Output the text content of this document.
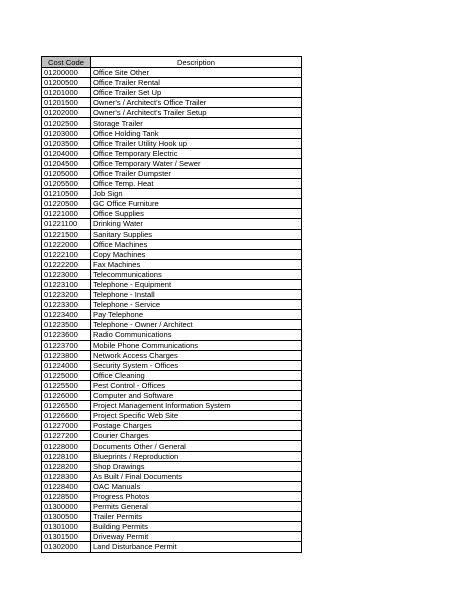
Cost Code	Description
01200000	Office Site Other
01200500	Office Trailer Rental
01201000	Office Trailer Set Up
01201500	Owner's / Architect's Office Trailer
01202000	Owner's / Architect's Trailer Setup
01202500	Storage Trailer
01203000	Office Holding Tank
01203500	Office Trailer Utility Hook up
01204000	Office Temporary Electric
01204500	Office Temporary Water / Sewer
01205000	Office Trailer Dumpster
01205500	Office Temp. Heat
01210500	Job Sign
01220500	GC Office Furniture
01221000	Office Supplies
01221100	Drinking Water
01221500	Sanitary Supplies
01222000	Office Machines
01222100	Copy Machines
01222200	Fax Machines
01223000	Telecommunications
01223100	Telephone - Equipment
01223200	Telephone - Install
01223300	Telephone - Service
01223400	Pay Telephone
01223500	Telephone - Owner / Architect
01223600	Radio Communications
01223700	Mobile Phone Communications
01223800	Network Access Charges
01224000	Security System - Offices
01225000	Office Cleaning
01225500	Pest Control - Offices
01226000	Computer and Software
01226500	Project Management Information System
01226600	Project Specific Web Site
01227000	Postage Charges
01227200	Courier Charges
01228000	Documents Other / General
01228100	Blueprints / Reproduction
01228200	Shop Drawings
01228300	As Built / Final Documents
01228400	OAC Manuals
01228500	Progress Photos
01300000	Permits General
01300500	Trailer Permits
01301000	Building Permits
01301500	Driveway Permit
01302000	Land Disturbance Permit
